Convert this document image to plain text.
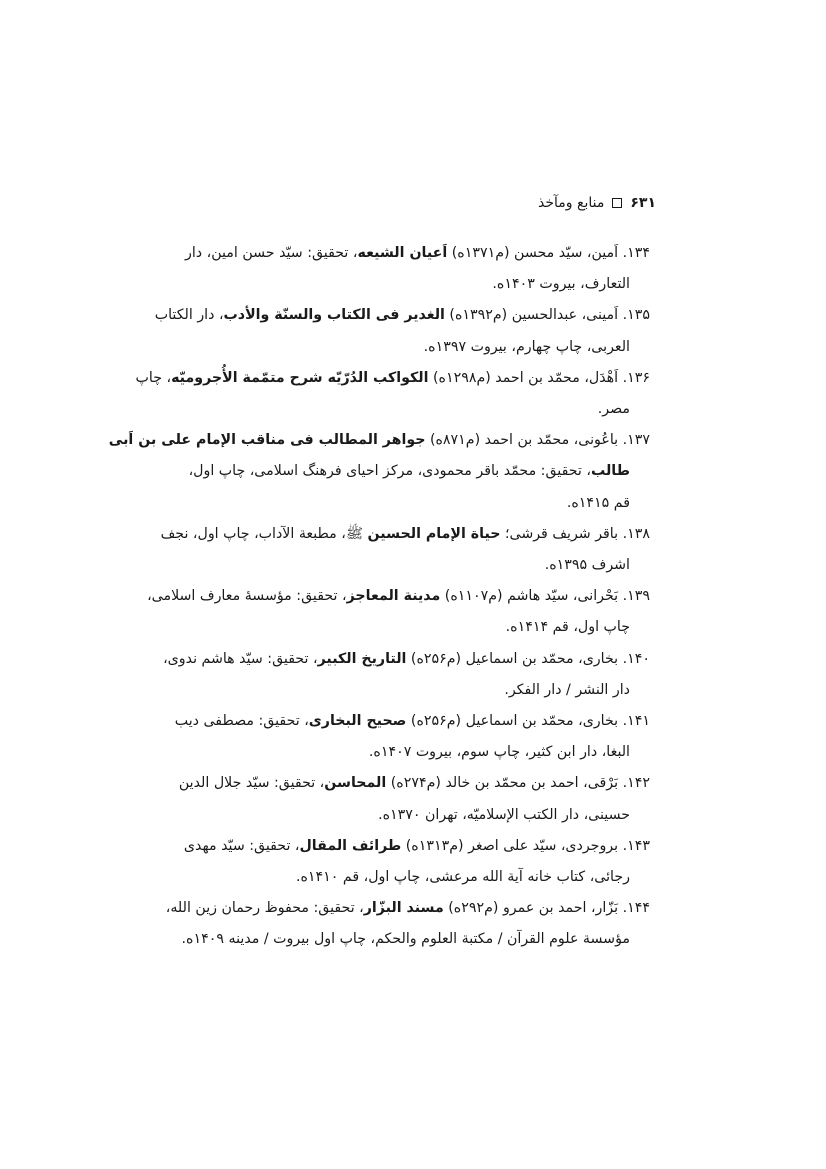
منابع ومآخذ ۶۳۱
۱۳۴. اَمین، سیّد محسن (م۱۳۷۱ه) اَعیان الشیعه، تحقیق: سیّد حسن امین، دار
التعارف، بیروت ۱۴۰۳ه.
۱۳۵. اَمینی، عبدالحسین (م۱۳۹۲ه) الغدیر فی الکتاب والسنّة والأدب، دار الکتاب
العربی، چاپ چهارم، بیروت ۱۳۹۷ه.
۱۳۶. اَهْدَل، محمّد بن احمد (م۱۲۹۸ه) الکواکب الدُرّیّه شرح متمّمة الأُجرومیّه، چاپ
مصر.
۱۳۷. باعُونی، محمّد بن احمد (م۸۷۱ه) جواهر المطالب فی مناقب الإمام علی بن اَبی
طالب، تحقیق: محمّد باقر محمودی، مرکز احیای فرهنگ اسلامی، چاپ اول،
قم ۱۴۱۵ه.
۱۳۸. باقر شریف قرشی؛ حیاة الإمام الحسین ﷺ، مطبعة الآداب، چاپ اول، نجف
اشرف ۱۳۹۵ه.
۱۳۹. بَحْرانی، سیّد هاشم (م۱۱۰۷ه) مدینة المعاجز، تحقیق: مؤسسهٔ معارف اسلامی،
چاپ اول، قم ۱۴۱۴ه.
۱۴۰. بخاری، محمّد بن اسماعیل (م۲۵۶ه) التاریخ الکبیر، تحقیق: سیّد هاشم ندوی،
دار النشر / دار الفکر.
۱۴۱. بخاری، محمّد بن اسماعیل (م۲۵۶ه) صحیح البخاری، تحقیق: مصطفی دیب
البغا، دار ابن کثیر، چاپ سوم، بیروت ۱۴۰۷ه.
۱۴۲. بَرْقی، احمد بن محمّد بن خالد (م۲۷۴ه) المحاسن، تحقیق: سیّد جلال الدین
حسینی، دار الکتب الإسلامیّه، تهران ۱۳۷۰ه.
۱۴۳. بروجردی، سیّد علی اصغر (م۱۳۱۳ه) طرائف المقال، تحقیق: سیّد مهدی
رجائی، کتاب خانه آیة الله مرعشی، چاپ اول، قم ۱۴۱۰ه.
۱۴۴. بَزّار، احمد بن عمرو (م۲۹۲ه) مسند البزّار، تحقیق: محفوظ رحمان زین الله،
مؤسسة علوم القرآن / مکتبة العلوم والحکم، چاپ اول بیروت / مدینه ۱۴۰۹ه.
